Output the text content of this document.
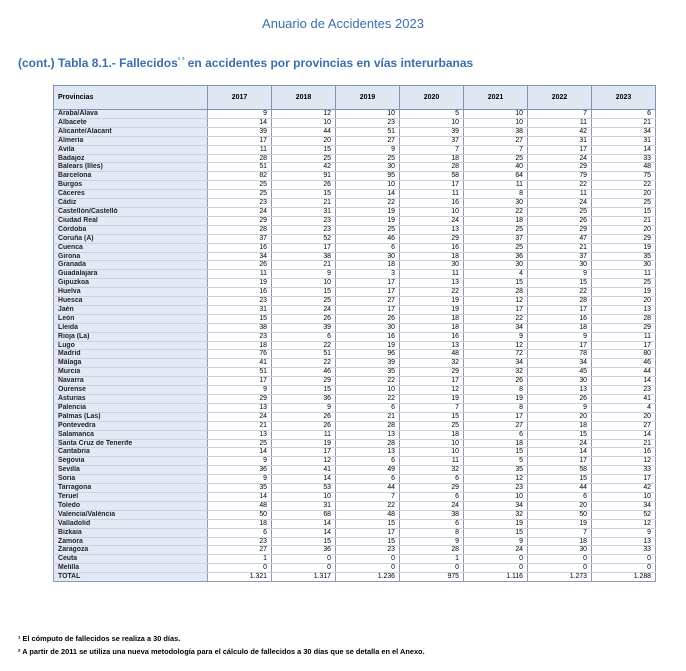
Anuario de Accidentes 2023
(cont.) Tabla 8.1.- Fallecidos$^{^1 ^2}$ en accidentes por provincias en vías interurbanas
Provincias	2017	2018	2019	2020	2021	2022	2023
Araba/Álava	9	12	10	5	10	7	6
Albacete	14	10	23	10	10	11	21
Alicante/Alacant	39	44	51	39	38	42	34
Almería	17	20	27	37	27	31	31
Ávila	11	15	9	7	7	17	14
Badajoz	28	25	25	18	25	24	33
Balears (Illes)	51	42	30	28	40	29	48
Barcelona	82	91	95	58	64	79	75
Burgos	25	26	10	17	11	22	22
Cáceres	25	15	14	11	8	11	20
Cádiz	23	21	22	16	30	24	25
Castellón/Castelló	24	31	19	10	22	25	15
Ciudad Real	29	23	19	24	18	26	21
Córdoba	28	23	25	13	25	29	20
Coruña (A)	37	52	46	29	37	47	29
Cuenca	16	17	6	16	25	21	19
Girona	34	38	30	18	36	37	35
Granada	26	21	18	30	30	30	30
Guadalajara	11	9	3	11	4	9	11
Gipuzkoa	19	10	17	13	15	15	25
Huelva	16	15	17	22	28	22	19
Huesca	23	25	27	19	12	28	20
Jaén	31	24	17	19	17	17	13
León	15	26	26	18	22	16	28
Lleida	38	39	30	18	34	18	29
Rioja (La)	23	6	16	16	9	9	11
Lugo	18	22	19	13	12	17	17
Madrid	76	51	96	48	72	78	80
Málaga	41	22	39	32	34	34	46
Murcia	51	46	35	29	32	45	44
Navarra	17	29	22	17	26	30	14
Ourense	9	15	10	12	8	13	23
Asturias	29	36	22	19	19	26	41
Palencia	13	9	6	7	8	9	4
Palmas (Las)	24	26	21	15	17	20	20
Pontevedra	21	26	28	25	27	18	27
Salamanca	13	11	13	18	6	15	14
Santa Cruz de Tenerife	25	19	28	10	18	24	21
Cantabria	14	17	13	10	15	14	16
Segovia	9	12	6	11	5	17	12
Sevilla	36	41	49	32	35	58	33
Soria	9	14	6	6	12	15	17
Tarragona	35	53	44	29	23	44	42
Teruel	14	10	7	6	10	6	10
Toledo	48	31	22	24	34	20	34
Valencia/València	50	68	48	38	32	50	52
Valladolid	18	14	15	6	19	19	12
Bizkaia	6	14	17	8	15	7	9
Zamora	23	15	15	9	9	18	13
Zaragoza	27	36	23	28	24	30	33
Ceuta	1	0	0	1	0	0	0
Melilla	0	0	0	0	0	0	0
TOTAL	1.321	1.317	1.236	975	1.116	1.273	1.288
¹ El cómputo de fallecidos se realiza a 30 días.
² A partir de 2011 se utiliza una nueva metodología para el cálculo de fallecidos a 30 días que se detalla en el Anexo.
